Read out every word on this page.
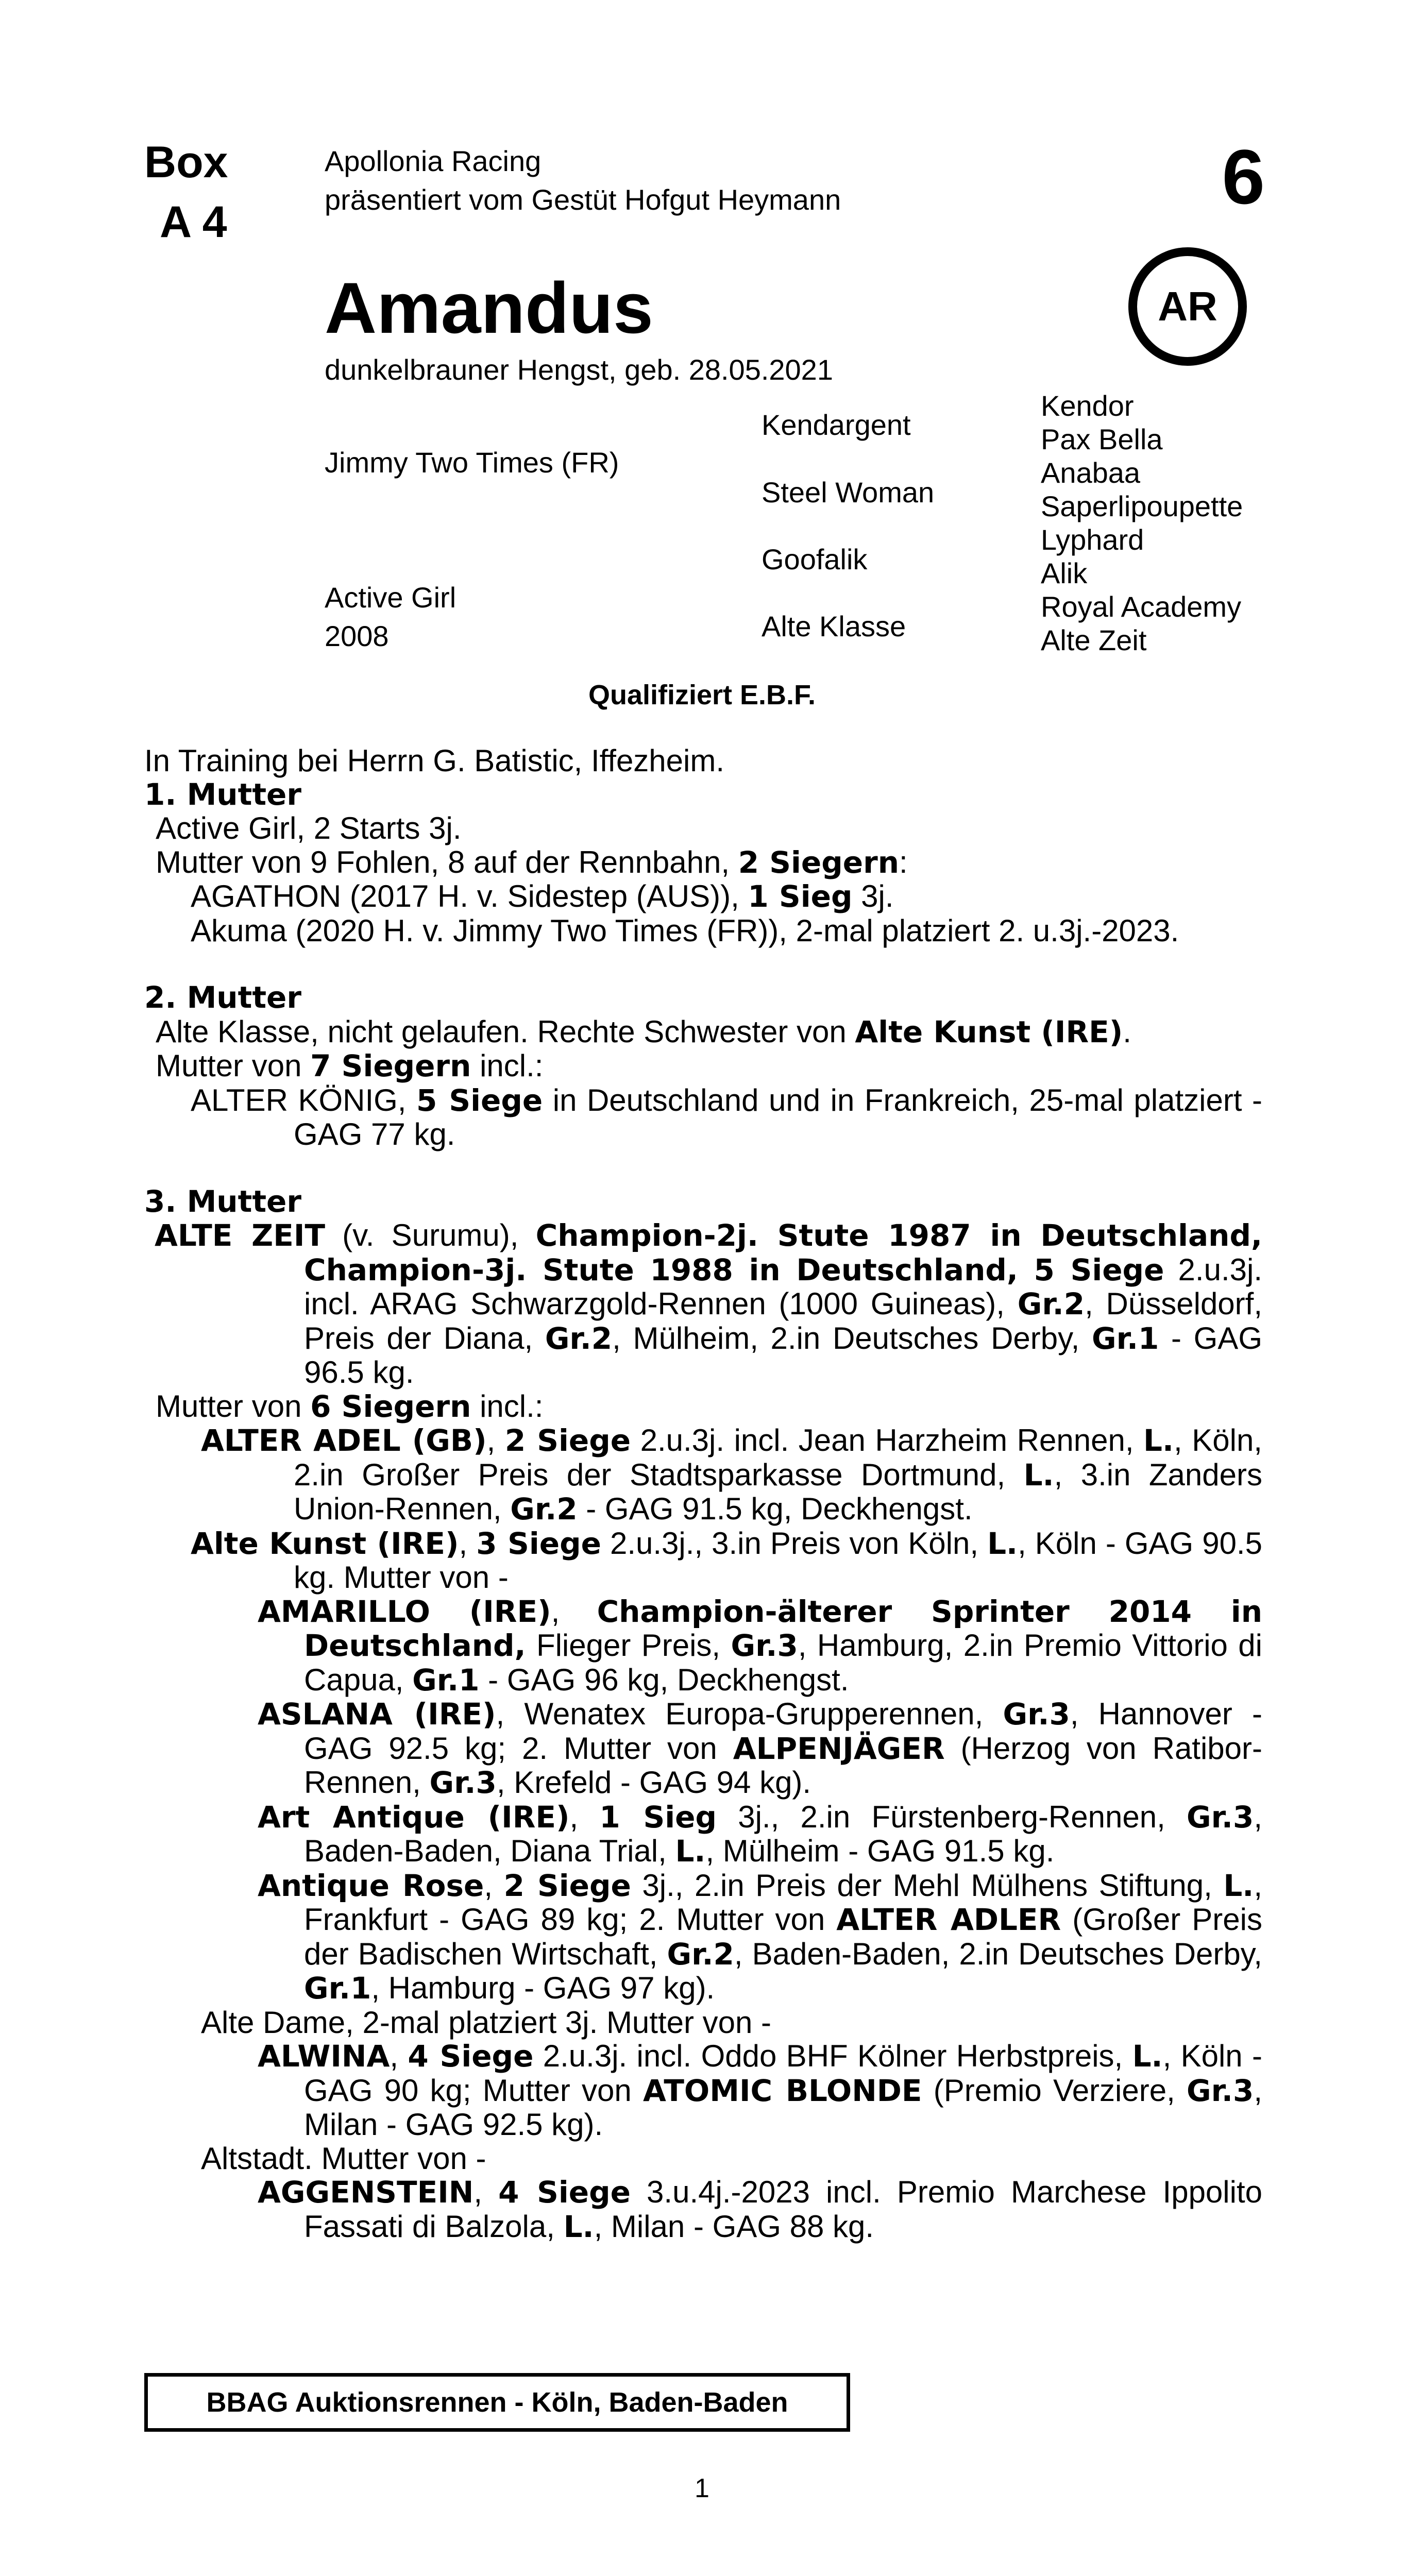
Box
A 4
Apollonia Racing
präsentiert vom Gestüt Hofgut Heymann	6
Amandus	AR
dunkelbrauner Hengst, geb. 28.05.2021
Jimmy Two Times (FR)
Active Girl
2008
Kendargent
Steel Woman
Goofalik
Alte Klasse
Kendor
Pax Bella
Anabaa
Saperlipoupette
Lyphard
Alik
Royal Academy
Alte Zeit
Qualifiziert E.B.F.

In Training bei Herrn G. Batistic, Iffezheim.

1. Mutter

Active Girl, 2 Starts 3j.

Mutter von 9 Fohlen, 8 auf der Rennbahn, 2 Siegern:

AGATHON (2017 H. v. Sidestep (AUS)), 1 Sieg 3j.

Akuma (2020 H. v. Jimmy Two Times (FR)), 2-mal platziert 2. u.3j.-2023.

2. Mutter

Alte Klasse, nicht gelaufen. Rechte Schwester von Alte Kunst (IRE).

Mutter von 7 Siegern incl.:

ALTER KÖNIG, 5 Siege in Deutschland und in Frankreich, 25-mal platziert - GAG 77 kg.

3. Mutter

ALTE ZEIT (v. Surumu), Champion-2j. Stute 1987 in Deutschland, Champion-3j. Stute 1988 in Deutschland, 5 Siege 2.u.3j. incl. ARAG Schwarzgold-Rennen (1000 Guineas), Gr.2, Düsseldorf, Preis der Diana, Gr.2, Mülheim, 2.in Deutsches Derby, Gr.1 - GAG 96.5 kg.

Mutter von 6 Siegern incl.:

ALTER ADEL (GB), 2 Siege 2.u.3j. incl. Jean Harzheim Rennen, L., Köln, 2.in Großer Preis der Stadtsparkasse Dortmund, L., 3.in Zanders Union-Rennen, Gr.2 - GAG 91.5 kg, Deckhengst.

Alte Kunst (IRE), 3 Siege 2.u.3j., 3.in Preis von Köln, L., Köln - GAG 90.5 kg. Mutter von -

AMARILLO (IRE), Champion-älterer Sprinter 2014 in Deutschland, Flieger Preis, Gr.3, Hamburg, 2.in Premio Vittorio di Capua, Gr.1 - GAG 96 kg, Deckhengst.

ASLANA (IRE), Wenatex Europa-Grupperennen, Gr.3, Hannover - GAG 92.5 kg; 2. Mutter von ALPENJÄGER (Herzog von Ratibor-Rennen, Gr.3, Krefeld - GAG 94 kg).

Art Antique (IRE), 1 Sieg 3j., 2.in Fürstenberg-Rennen, Gr.3, Baden-Baden, Diana Trial, L., Mülheim - GAG 91.5 kg.

Antique Rose, 2 Siege 3j., 2.in Preis der Mehl Mülhens Stiftung, L., Frankfurt - GAG 89 kg; 2. Mutter von ALTER ADLER (Großer Preis der Badischen Wirtschaft, Gr.2, Baden-Baden, 2.in Deutsches Derby, Gr.1, Hamburg - GAG 97 kg).

Alte Dame, 2-mal platziert 3j. Mutter von -

ALWINA, 4 Siege 2.u.3j. incl. Oddo BHF Kölner Herbstpreis, L., Köln - GAG 90 kg; Mutter von ATOMIC BLONDE (Premio Verziere, Gr.3, Milan - GAG 92.5 kg).

Altstadt. Mutter von -

AGGENSTEIN, 4 Siege 3.u.4j.-2023 incl. Premio Marchese Ippolito Fassati di Balzola, L., Milan - GAG 88 kg.

BBAG Auktionsrennen - Köln, Baden-Baden
1
